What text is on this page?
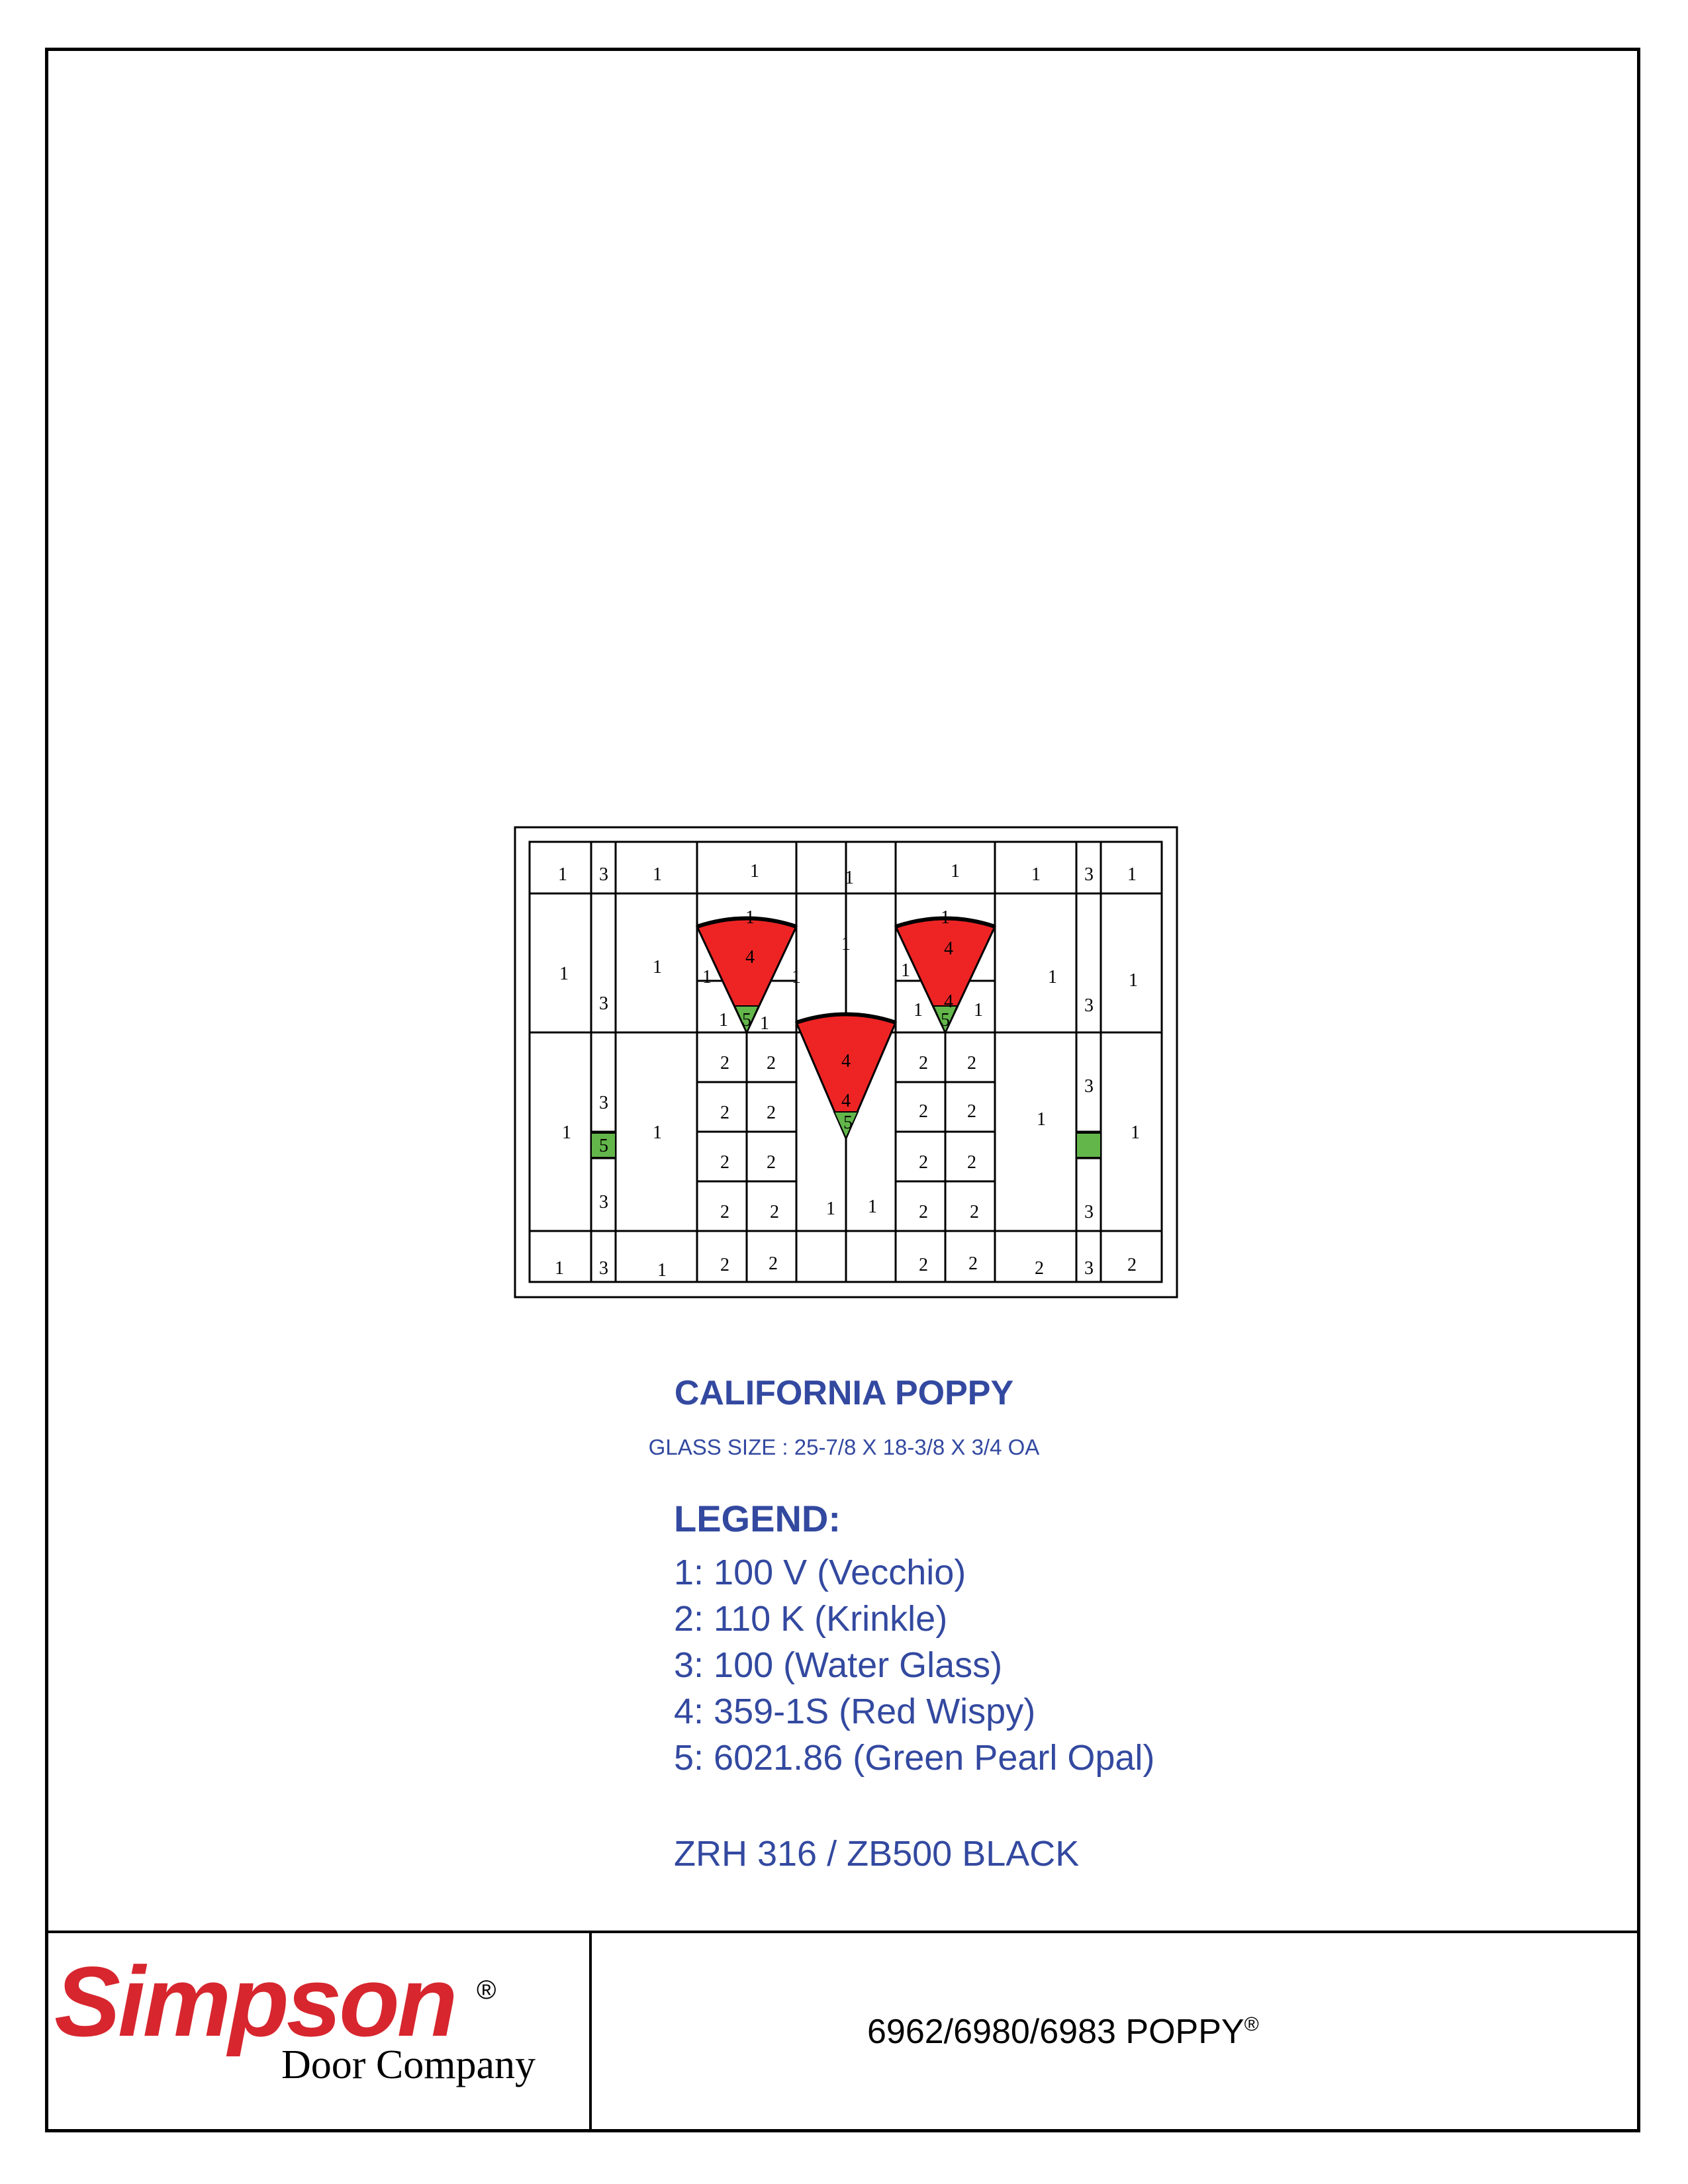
1 3 1	1	1	1	1 3 1
1	1
1
1	1
1
1
1	1	1
4	4
4
4
4
5	5
5
5
3
3
3
3
3
3
3
3
1	1
1 1
1	1
1
1
1 1
1	1	2	2
2 2	2 2
2 2	2 2
2 2	2 2
2 2	2 2
2 2	2 2
CALIFORNIA POPPY
GLASS SIZE : 25-7/8 X 18-3/8 X 3/4 OA
LEGEND:
1: 100 V (Vecchio)
2: 110 K (Krinkle)
3: 100 (Water Glass)
4: 359-1S (Red Wispy)
5: 6021.86 (Green Pearl Opal)
ZRH 316 / ZB500 BLACK
Simpson ®
Door Company
6962/6980/6983 POPPY®
